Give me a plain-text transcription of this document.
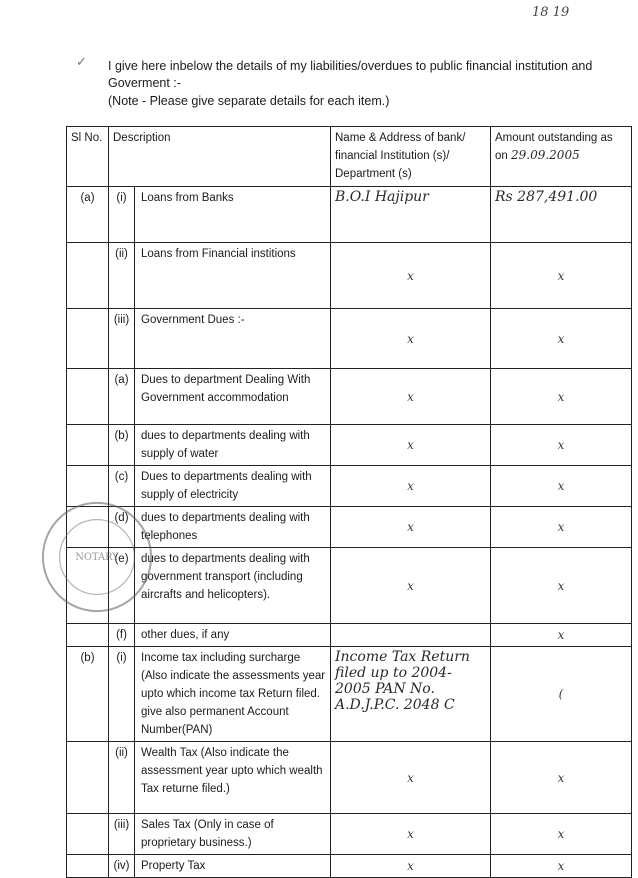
18 19
✓ I give here inbelow the details of my liabilities/overdues to public financial institution and Goverment :-
(Note - Please give separate details for each item.)
Sl No.	Description		Name & Address of bank/ financial Institution (s)/ Department (s)	Amount outstanding as on 29.09.2005
(a)	(i)	Loans from Banks	B.O.I Hajipur	Rs 287,491.00
	(ii)	Loans from Financial institions	x	x
	(iii)	Government Dues :-	x	x
	(a)	Dues to department Dealing With Government accommodation	x	x
	(b)	dues to departments dealing with supply of water	x	x
	(c)	Dues to departments dealing with supply of electricity	x	x
	(d)	dues to departments dealing with telephones	x	x
	(e)	dues to departments dealing with government transport (including aircrafts and helicopters).	x	x
	(f)	other dues, if any		x
(b)	(i)	Income tax including surcharge (Also indicate the assessments year upto which income tax Return filed. give also permanent Account Number(PAN)	Income Tax Return filed up to 2004-2005 PAN No. A.D.J.P.C. 2048 C	(
	(ii)	Wealth Tax (Also indicate the assessment year upto which wealth Tax returne filed.)	x	x
	(iii)	Sales Tax (Only in case of proprietary business.)	x	x
	(iv)	Property Tax	x	x
NOTARY
